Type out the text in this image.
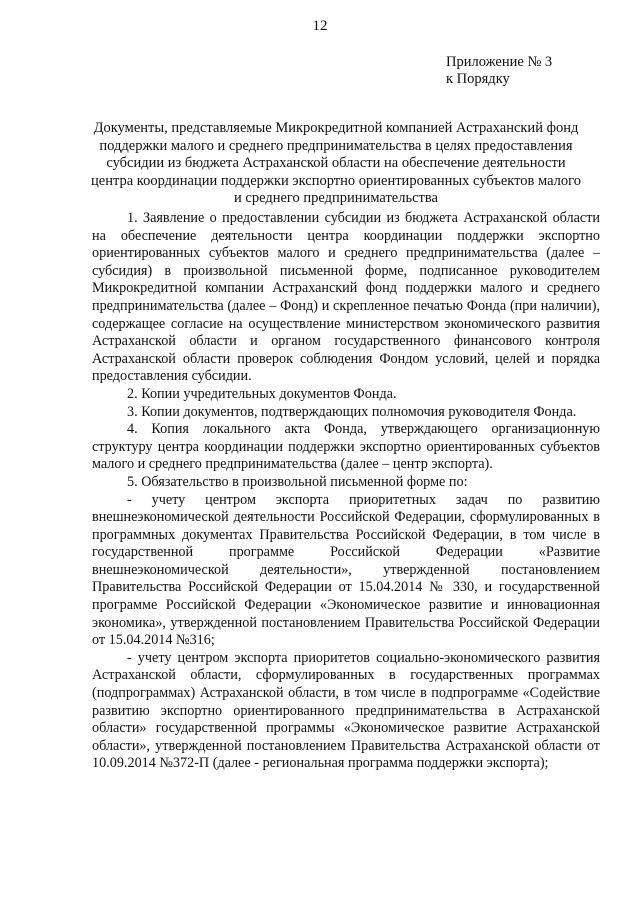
12
Приложение № 3
к Порядку
Документы, представляемые Микрокредитной компанией Астраханский фонд поддержки малого и среднего предпринимательства в целях предоставления субсидии из бюджета Астраханской области на обеспечение деятельности центра координации поддержки экспортно ориентированных субъектов малого и среднего предпринимательства

1. Заявление о предоставлении субсидии из бюджета Астраханской области на обеспечение деятельности центра координации поддержки экспортно ориентированных субъектов малого и среднего предпринимательства (далее – субсидия) в произвольной письменной форме, подписанное руководителем Микрокредитной компании Астраханский фонд поддержки малого и среднего предпринимательства (далее – Фонд) и скрепленное печатью Фонда (при наличии), содержащее согласие на осуществление министерством экономического развития Астраханской области и органом государственного финансового контроля Астраханской области проверок соблюдения Фондом условий, целей и порядка предоставления субсидии.

2. Копии учредительных документов Фонда.

3. Копии документов, подтверждающих полномочия руководителя Фонда.

4. Копия локального акта Фонда, утверждающего организационную структуру центра координации поддержки экспортно ориентированных субъектов малого и среднего предпринимательства (далее – центр экспорта).

5. Обязательство в произвольной письменной форме по:

- учету центром экспорта приоритетных задач по развитию внешнеэкономической деятельности Российской Федерации, сформулированных в программных документах Правительства Российской Федерации, в том числе в государственной программе Российской Федерации «Развитие внешнеэкономической деятельности», утвержденной постановлением Правительства Российской Федерации от 15.04.2014 № 330, и государственной программе Российской Федерации «Экономическое развитие и инновационная экономика», утвержденной постановлением Правительства Российской Федерации от 15.04.2014 №316;

- учету центром экспорта приоритетов социально-экономического развития Астраханской области, сформулированных в государственных программах (подпрограммах) Астраханской области, в том числе в подпрограмме «Содействие развитию экспортно ориентированного предпринимательства в Астраханской области» государственной программы «Экономическое развитие Астраханской области», утвержденной постановлением Правительства Астраханской области от 10.09.2014 №372-П (далее - региональная программа поддержки экспорта);
